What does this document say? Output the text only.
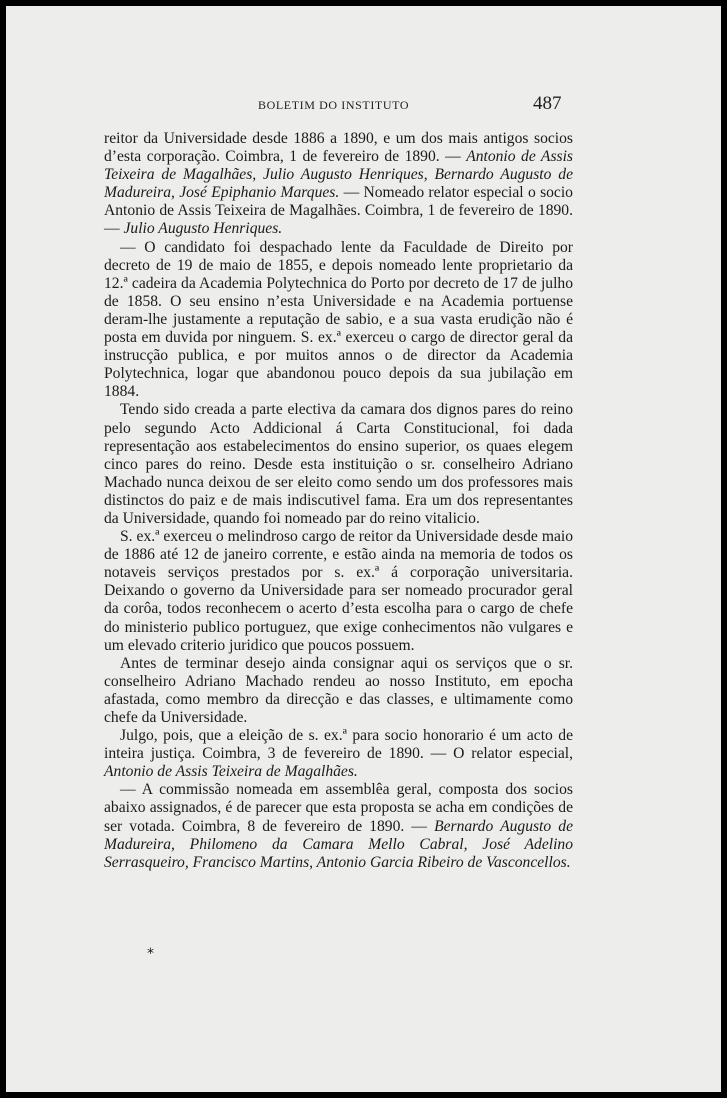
BOLETIM DO INSTITUTO	487

reitor da Universidade desde 1886 a 1890, e um dos mais antigos socios d’esta corporação. Coimbra, 1 de fevereiro de 1890. — Antonio de Assis Teixeira de Magalhães, Julio Augusto Henriques, Bernardo Augusto de Madureira, José Epiphanio Marques. — Nomeado relator especial o socio Antonio de Assis Teixeira de Magalhães. Coimbra, 1 de fevereiro de 1890. — Julio Augusto Henriques.

— O candidato foi despachado lente da Faculdade de Direito por decreto de 19 de maio de 1855, e depois nomeado lente proprietario da 12.ª cadeira da Academia Polytechnica do Porto por decreto de 17 de julho de 1858. O seu ensino n’esta Universidade e na Academia portuense deram-lhe justamente a reputação de sabio, e a sua vasta erudição não é posta em duvida por ninguem. S. ex.ª exerceu o cargo de director geral da instrucção publica, e por muitos annos o de director da Academia Polytechnica, logar que abandonou pouco depois da sua jubilação em 1884.

Tendo sido creada a parte electiva da camara dos dignos pares do reino pelo segundo Acto Addicional á Carta Constitucional, foi dada representação aos estabelecimentos do ensino superior, os quaes elegem cinco pares do reino. Desde esta instituição o sr. conselheiro Adriano Machado nunca deixou de ser eleito como sendo um dos professores mais distinctos do paiz e de mais indiscutivel fama. Era um dos representantes da Universidade, quando foi nomeado par do reino vitalicio.

S. ex.ª exerceu o melindroso cargo de reitor da Universidade desde maio de 1886 até 12 de janeiro corrente, e estão ainda na memoria de todos os notaveis serviços prestados por s. ex.ª á corporação universitaria. Deixando o governo da Universidade para ser nomeado procurador geral da corôa, todos reconhecem o acerto d’esta escolha para o cargo de chefe do ministerio publico portuguez, que exige conhecimentos não vulgares e um elevado criterio juridico que poucos possuem.

Antes de terminar desejo ainda consignar aqui os serviços que o sr. conselheiro Adriano Machado rendeu ao nosso Instituto, em epocha afastada, como membro da direcção e das classes, e ultimamente como chefe da Universidade.

Julgo, pois, que a eleição de s. ex.ª para socio honorario é um acto de inteira justiça. Coimbra, 3 de fevereiro de 1890. — O relator especial, Antonio de Assis Teixeira de Magalhães.

— A commissão nomeada em assemblêa geral, composta dos socios abaixo assignados, é de parecer que esta proposta se acha em condições de ser votada. Coimbra, 8 de fevereiro de 1890. — Bernardo Augusto de Madureira, Philomeno da Camara Mello Cabral, José Adelino Serrasqueiro, Francisco Martins, Antonio Garcia Ribeiro de Vasconcellos.

*
